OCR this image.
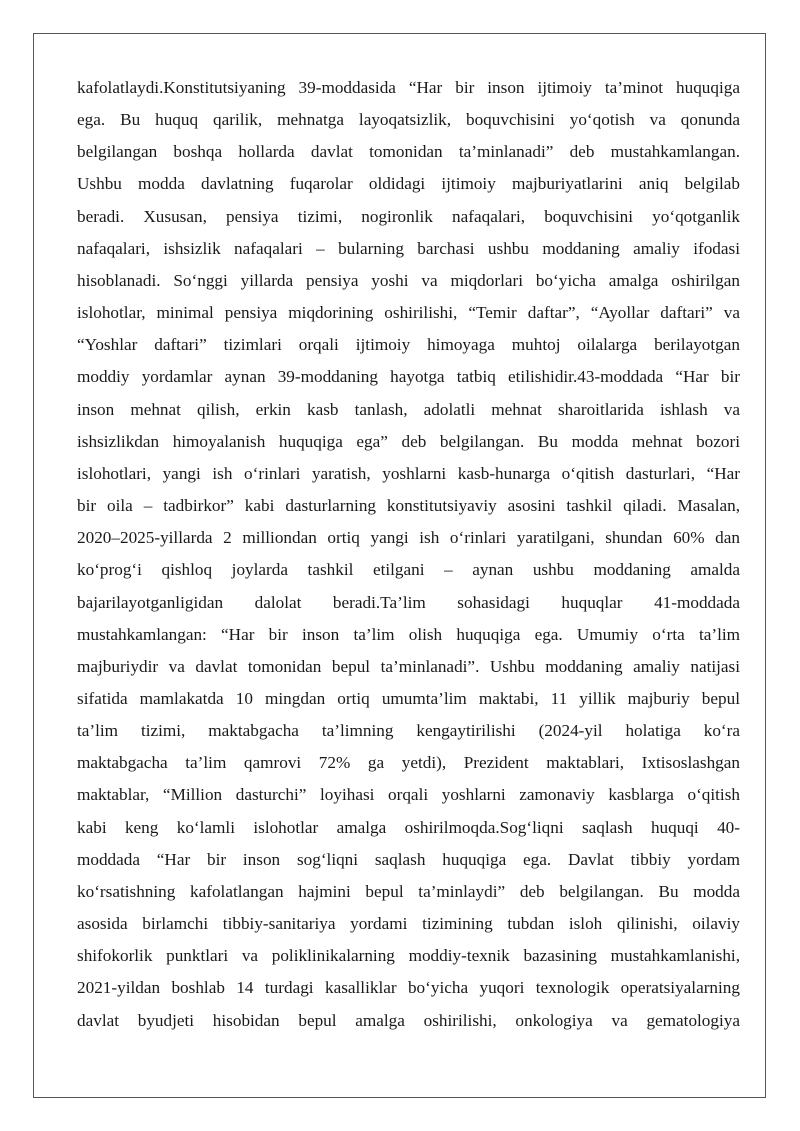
kafolatlaydi.Konstitutsiyaning 39-moddasida “Har bir inson ijtimoiy ta’minot huquqiga
ega. Bu huquq qarilik, mehnatga layoqatsizlik, boquvchisini yo‘qotish va qonunda
belgilangan boshqa hollarda davlat tomonidan ta’minlanadi” deb mustahkamlangan.
Ushbu modda davlatning fuqarolar oldidagi ijtimoiy majburiyatlarini aniq belgilab
beradi. Xususan, pensiya tizimi, nogironlik nafaqalari, boquvchisini yo‘qotganlik
nafaqalari, ishsizlik nafaqalari – bularning barchasi ushbu moddaning amaliy ifodasi
hisoblanadi. So‘nggi yillarda pensiya yoshi va miqdorlari bo‘yicha amalga oshirilgan
islohotlar, minimal pensiya miqdorining oshirilishi, “Temir daftar”, “Ayollar daftari” va
“Yoshlar daftari” tizimlari orqali ijtimoiy himoyaga muhtoj oilalarga berilayotgan
moddiy yordamlar aynan 39-moddaning hayotga tatbiq etilishidir.43-moddada “Har bir
inson mehnat qilish, erkin kasb tanlash, adolatli mehnat sharoitlarida ishlash va
ishsizlikdan himoyalanish huquqiga ega” deb belgilangan. Bu modda mehnat bozori
islohotlari, yangi ish o‘rinlari yaratish, yoshlarni kasb-hunarga o‘qitish dasturlari, “Har
bir oila – tadbirkor” kabi dasturlarning konstitutsiyaviy asosini tashkil qiladi. Masalan,
2020–2025-yillarda 2 milliondan ortiq yangi ish o‘rinlari yaratilgani, shundan 60% dan
ko‘prog‘i qishloq joylarda tashkil etilgani – aynan ushbu moddaning amalda
bajarilayotganligidan dalolat beradi.Ta’lim sohasidagi huquqlar 41-moddada
mustahkamlangan: “Har bir inson ta’lim olish huquqiga ega. Umumiy o‘rta ta’lim
majburiydir va davlat tomonidan bepul ta’minlanadi”. Ushbu moddaning amaliy natijasi
sifatida mamlakatda 10 mingdan ortiq umumta’lim maktabi, 11 yillik majburiy bepul
ta’lim tizimi, maktabgacha ta’limning kengaytirilishi (2024-yil holatiga ko‘ra
maktabgacha ta’lim qamrovi 72% ga yetdi), Prezident maktablari, Ixtisoslashgan
maktablar, “Million dasturchi” loyihasi orqali yoshlarni zamonaviy kasblarga o‘qitish
kabi keng ko‘lamli islohotlar amalga oshirilmoqda.Sog‘liqni saqlash huquqi 40-
moddada “Har bir inson sog‘liqni saqlash huquqiga ega. Davlat tibbiy yordam
ko‘rsatishning kafolatlangan hajmini bepul ta’minlaydi” deb belgilangan. Bu modda
asosida birlamchi tibbiy-sanitariya yordami tizimining tubdan isloh qilinishi, oilaviy
shifokorlik punktlari va poliklinikalarning moddiy-texnik bazasining mustahkamlanishi,
2021-yildan boshlab 14 turdagi kasalliklar bo‘yicha yuqori texnologik operatsiyalarning
davlat byudjeti hisobidan bepul amalga oshirilishi, onkologiya va gematologiya
